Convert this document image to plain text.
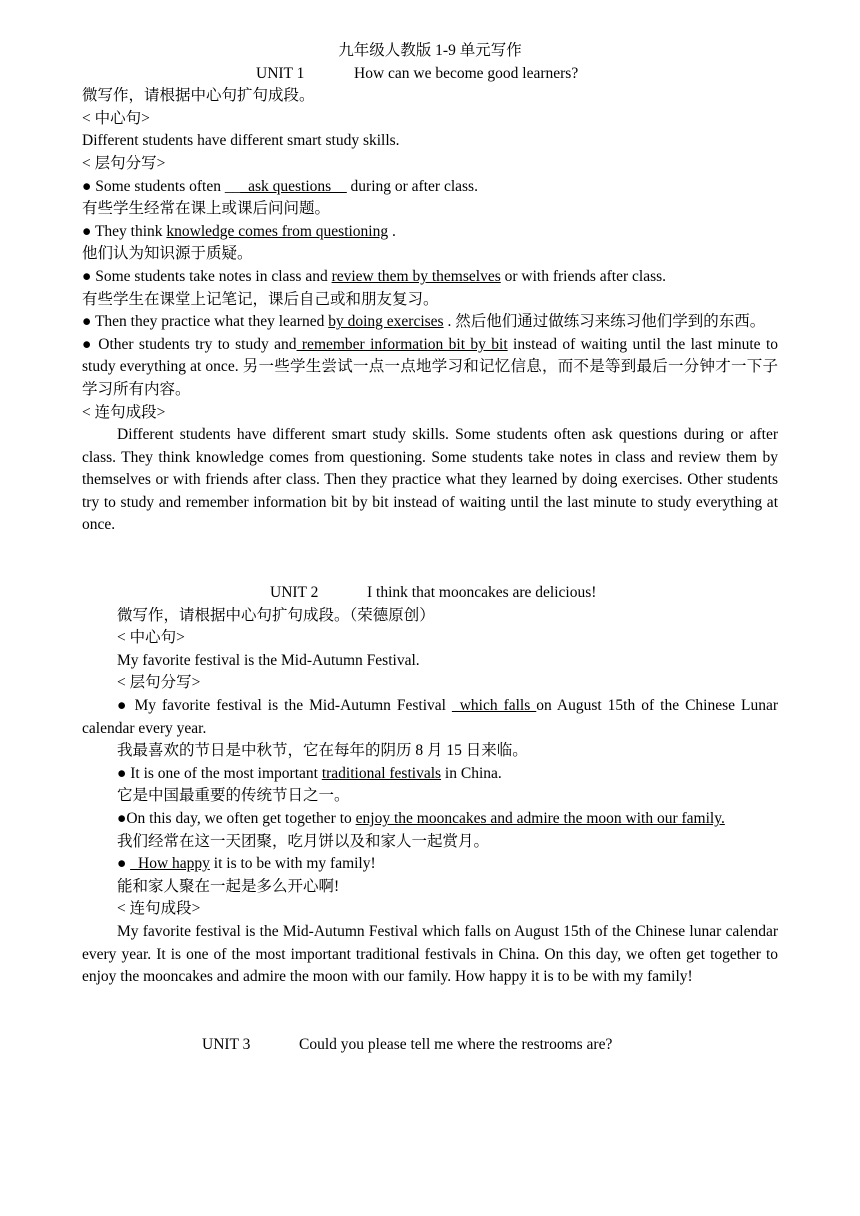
九年级人教版 1-9 单元写作
UNIT 1	How can we become good learners?
微写作，请根据中心句扩句成段。
< 中心句>
Different students have different smart study skills.
< 层句分写>
● Some students often ___ask questions__ during or after class.
有些学生经常在课上或课后问问题。
● They think knowledge comes from questioning .
他们认为知识源于质疑。
● Some students take notes in class and review them by themselves or with friends after class.
有些学生在课堂上记笔记，课后自己或和朋友复习。
● Then they practice what they learned by doing exercises . 然后他们通过做练习来练习他们学到的东西。
● Other students try to study and remember information bit by bit instead of waiting until the last minute to study everything at once. 另一些学生尝试一点一点地学习和记忆信息，而不是等到最后一分钟才一下子学习所有内容。
< 连句成段>
Different students have different smart study skills. Some students often ask questions during or after class. They think knowledge comes from questioning. Some students take notes in class and review them by themselves or with friends after class. Then they practice what they learned by doing exercises. Other students try to study and remember information bit by bit instead of waiting until the last minute to study everything at once.
UNIT 2	I think that mooncakes are delicious!
微写作，请根据中心句扩句成段。（荣德原创）
< 中心句>
My favorite festival is the Mid-Autumn Festival.
< 层句分写>
● My favorite festival is the Mid-Autumn Festival _which falls on August 15th of the Chinese Lunar calendar every year.
我最喜欢的节日是中秋节，它在每年的阴历 8 月 15 日来临。
● It is one of the most important traditional festivals in China.
它是中国最重要的传统节日之一。
●On this day, we often get together to enjoy the mooncakes and admire the moon with our family.
我们经常在这一天团聚，吃月饼以及和家人一起赏月。
● _How happy it is to be with my family!
能和家人聚在一起是多么开心啊!
< 连句成段>
My favorite festival is the Mid-Autumn Festival which falls on August 15th of the Chinese lunar calendar every year. It is one of the most important traditional festivals in China. On this day, we often get together to enjoy the mooncakes and admire the moon with our family. How happy it is to be with my family!
UNIT 3	Could you please tell me where the restrooms are?
